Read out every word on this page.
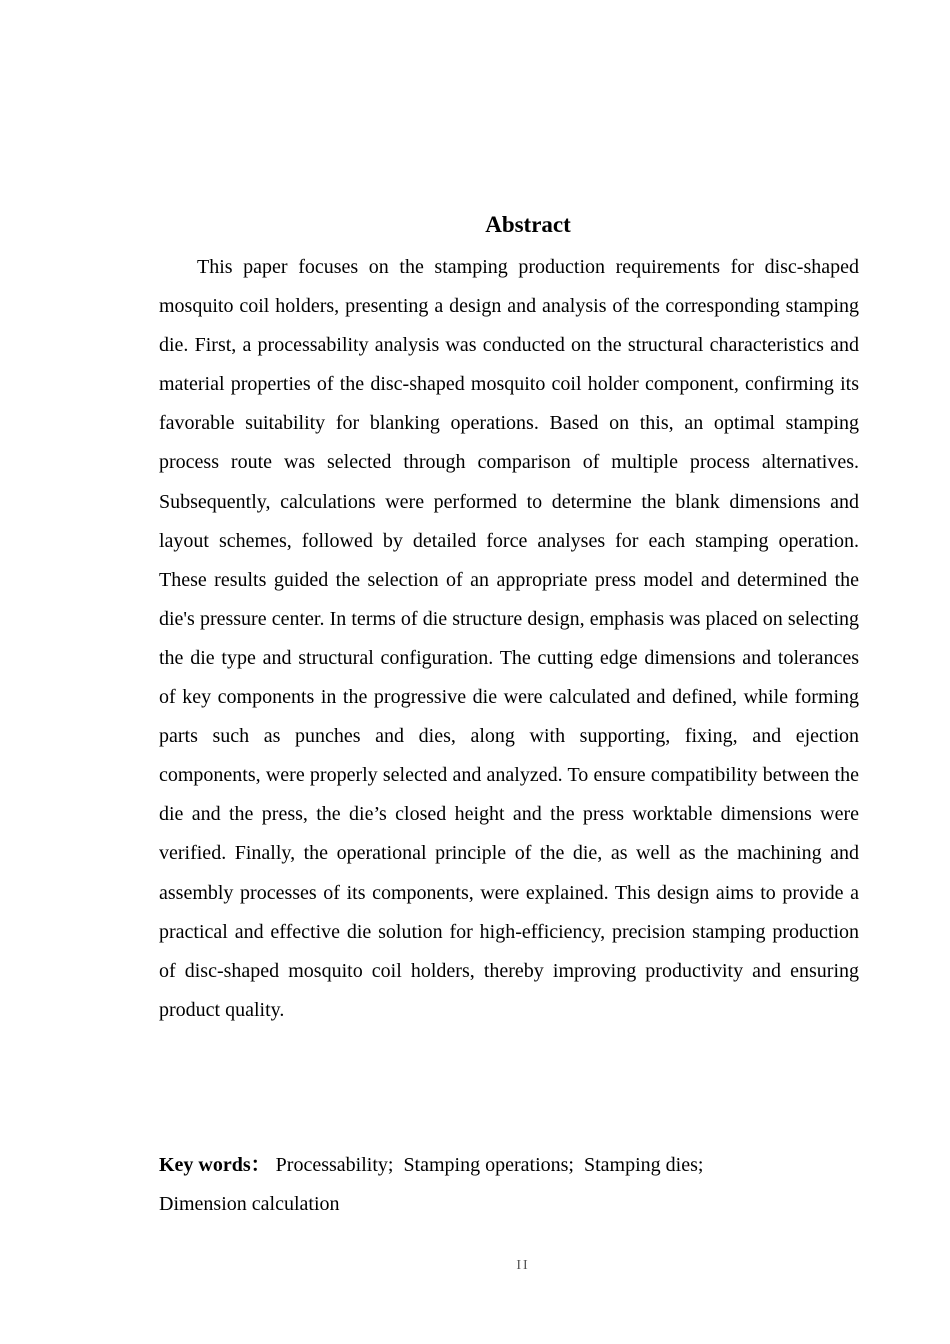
Abstract

This paper focuses on the stamping production requirements for disc-shaped mosquito coil holders, presenting a design and analysis of the corresponding stamping die. First, a processability analysis was conducted on the structural characteristics and material properties of the disc-shaped mosquito coil holder component, confirming its favorable suitability for blanking operations. Based on this, an optimal stamping process route was selected through comparison of multiple process alternatives. Subsequently, calculations were performed to determine the blank dimensions and layout schemes, followed by detailed force analyses for each stamping operation. These results guided the selection of an appropriate press model and determined the die's pressure center. In terms of die structure design, emphasis was placed on selecting the die type and structural configuration. The cutting edge dimensions and tolerances of key components in the progressive die were calculated and defined, while forming parts such as punches and dies, along with supporting, fixing, and ejection components, were properly selected and analyzed. To ensure compatibility between the die and the press, the die’s closed height and the press worktable dimensions were verified. Finally, the operational principle of the die, as well as the machining and assembly processes of its components, were explained. This design aims to provide a practical and effective die solution for high-efficiency, precision stamping production of disc-shaped mosquito coil holders, thereby improving productivity and ensuring product quality.

Key words： Processability; Stamping operations; Stamping dies;
Dimension calculation

II
